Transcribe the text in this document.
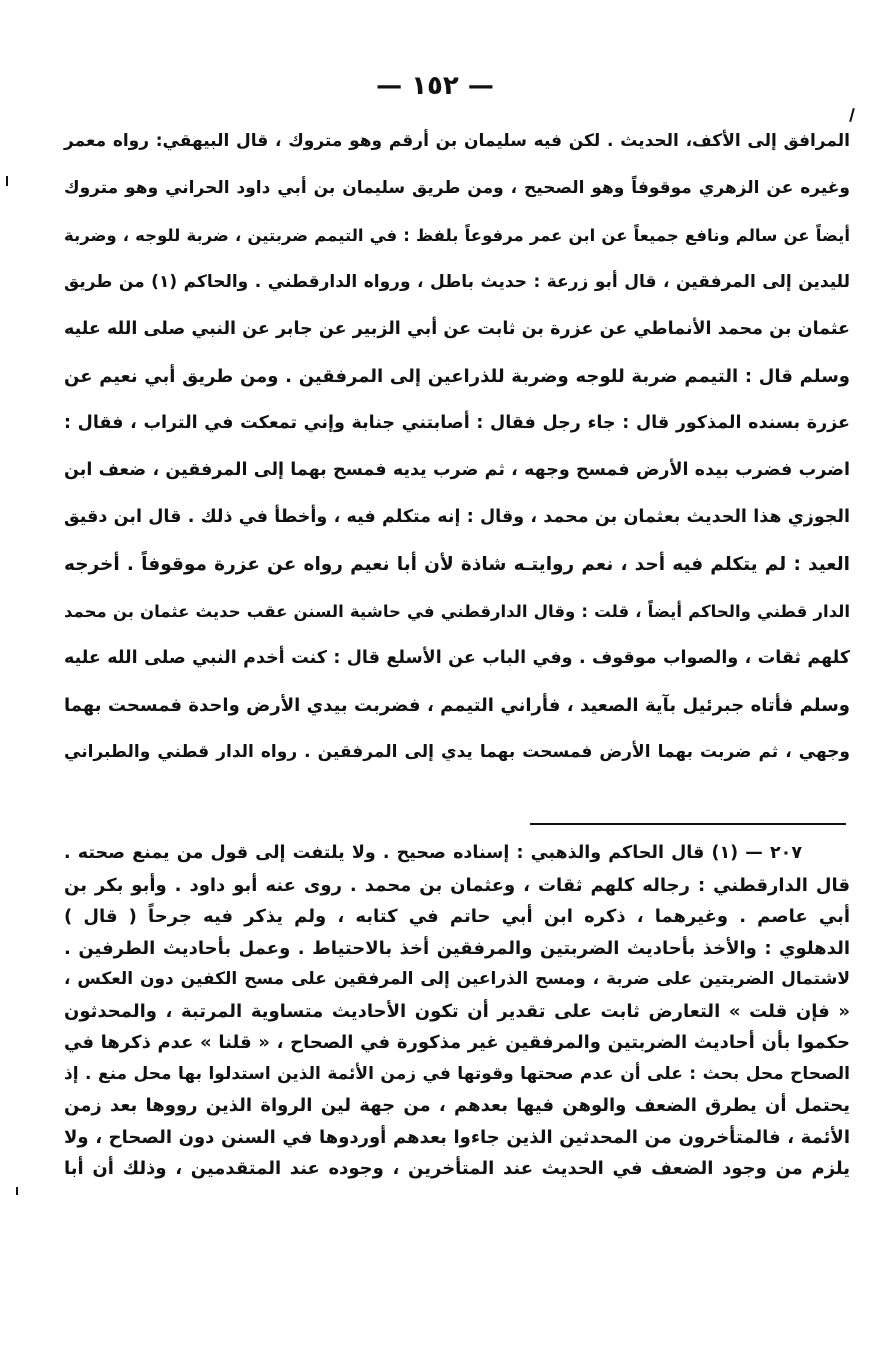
— ١٥٢ —
المرافق إلى الأكف، الحديث . لكن فيه سليمان بن أرقم وهو متروك ، قال البيهقي: رواه معمر
وغيره عن الزهري موقوفاً وهو الصحيح ، ومن طريق سليمان بن أبي داود الحراني وهو متروك
أيضاً عن سالم ونافع جميعاً عن ابن عمر مرفوعاً بلفظ : في التيمم ضربتين ، ضربة للوجه ، وضربة
لليدين إلى المرفقين ، قال أبو زرعة : حديث باطل ، ورواه الدارقطني . والحاكم (١) من طريق
عثمان بن محمد الأنماطي عن عزرة بن ثابت عن أبي الزبير عن جابر عن النبي صلى الله عليه
وسلم قال : التيمم ضربة للوجه وضربة للذراعين إلى المرفقين . ومن طريق أبي نعيم عن
عزرة بسنده المذكور قال : جاء رجل فقال : أصابتني جنابة وإني تمعكت في التراب ، فقال :
اضرب فضرب بيده الأرض فمسح وجهه ، ثم ضرب يديه فمسح بهما إلى المرفقين ، ضعف ابن
الجوزي هذا الحديث بعثمان بن محمد ، وقال : إنه متكلم فيه ، وأخطأ في ذلك . قال ابن دقيق
العيد : لم يتكلم فيه أحد ، نعم روايتـه شاذة لأن أبا نعيم رواه عن عزرة موقوفاً . أخرجه
الدار قطني والحاكم أيضاً ، قلت : وقال الدارقطني في حاشية السنن عقب حديث عثمان بن محمد
كلهم ثقات ، والصواب موقوف . وفي الباب عن الأسلع قال : كنت أخدم النبي صلى الله عليه
وسلم فأتاه جبرئيل بآية الصعيد ، فأراني التيمم ، فضربت بيدي الأرض واحدة فمسحت بهما
وجهي ، ثم ضربت بهما الأرض فمسحت بهما يدي إلى المرفقين . رواه الدار قطني والطبراني
٢٠٧ — (١) قال الحاكم والذهبي : إسناده صحيح . ولا يلتفت إلى قول من يمنع صحته .
قال الدارقطني : رجاله كلهم ثقات ، وعثمان بن محمد . روى عنه أبو داود . وأبو بكر بن
أبي عاصم . وغيرهما ، ذكره ابن أبي حاتم في كتابه ، ولم يذكر فيه جرحاً ( قال )
الدهلوي : والأخذ بأحاديث الضربتين والمرفقين أخذ بالاحتياط . وعمل بأحاديث الطرفين .
لاشتمال الضربتين على ضربة ، ومسح الذراعين إلى المرفقين على مسح الكفين دون العكس ،
« فإن قلت » التعارض ثابت على تقدير أن تكون الأحاديث متساوية المرتبة ، والمحدثون
حكموا بأن أحاديث الضربتين والمرفقين غير مذكورة في الصحاح ، « قلنا » عدم ذكرها في
الصحاح محل بحث : على أن عدم صحتها وقوتها في زمن الأئمة الذين استدلوا بها محل منع . إذ
يحتمل أن يطرق الضعف والوهن فيها بعدهم ، من جهة لين الرواة الذين رووها بعد زمن
الأئمة ، فالمتأخرون من المحدثين الذين جاءوا بعدهم أوردوها في السنن دون الصحاح ، ولا
يلزم من وجود الضعف في الحديث عند المتأخرين ، وجوده عند المتقدمين ، وذلك أن أبا
